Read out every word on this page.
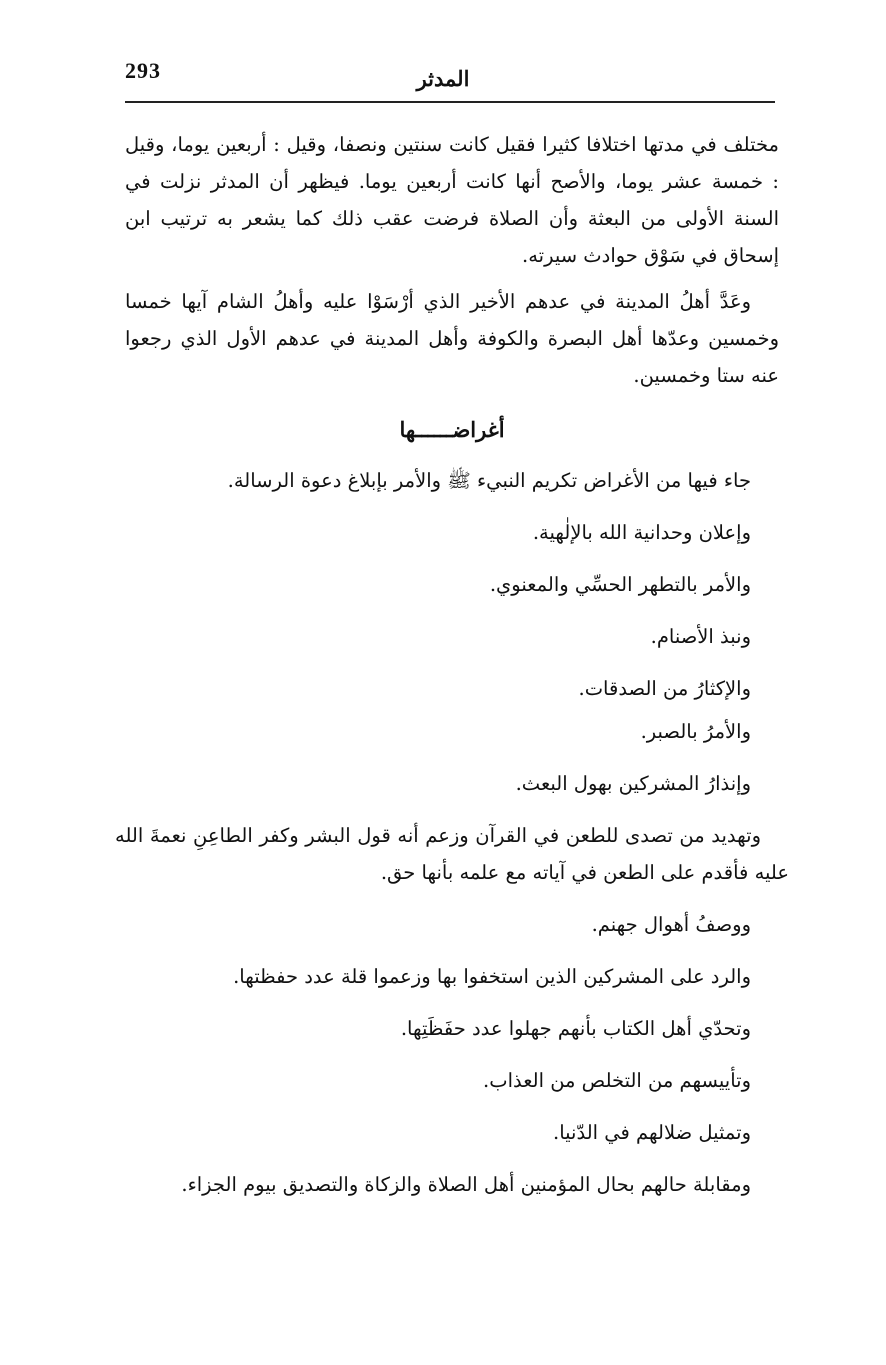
293	المدثر

مختلف في مدتها اختلافا كثيرا فقيل كانت سنتين ونصفا، وقيل : أربعين يوما، وقيل : خمسة عشر يوما، والأصح أنها كانت أربعين يوما. فيظهر أن المدثر نزلت في السنة الأولى من البعثة وأن الصلاة فرضت عقب ذلك كما يشعر به ترتيب ابن إسحاق في سَوْق حوادث سيرته.

وعَدَّ أهلُ المدينة في عدهم الأخير الذي أرْسَوْا عليه وأهلُ الشام آيها خمسا وخمسين وعدّها أهل البصرة والكوفة وأهل المدينة في عدهم الأول الذي رجعوا عنه ستا وخمسين.

أغراضــــــها
جاء فيها من الأغراض تكريم النبيء ﷺ والأمر بإبلاغ دعوة الرسالة.
وإعلان وحدانية الله بالإلٰهية.
والأمر بالتطهر الحسِّي والمعنوي.
ونبذ الأصنام.
والإكثارُ من الصدقات.
والأمرُ بالصبر.
وإنذارُ المشركين بهول البعث.
وتهديد من تصدى للطعن في القرآن وزعم أنه قول البشر وكفر الطاعِنِ نعمةَ الله عليه فأقدم على الطعن في آياته مع علمه بأنها حق.
ووصفُ أهوال جهنم.
والرد على المشركين الذين استخفوا بها وزعموا قلة عدد حفظتها.
وتحدّي أهل الكتاب بأنهم جهلوا عدد حفَظَتِها.
وتأييسهم من التخلص من العذاب.
وتمثيل ضلالهم في الدّنيا.
ومقابلة حالهم بحال المؤمنين أهل الصلاة والزكاة والتصديق بيوم الجزاء.
